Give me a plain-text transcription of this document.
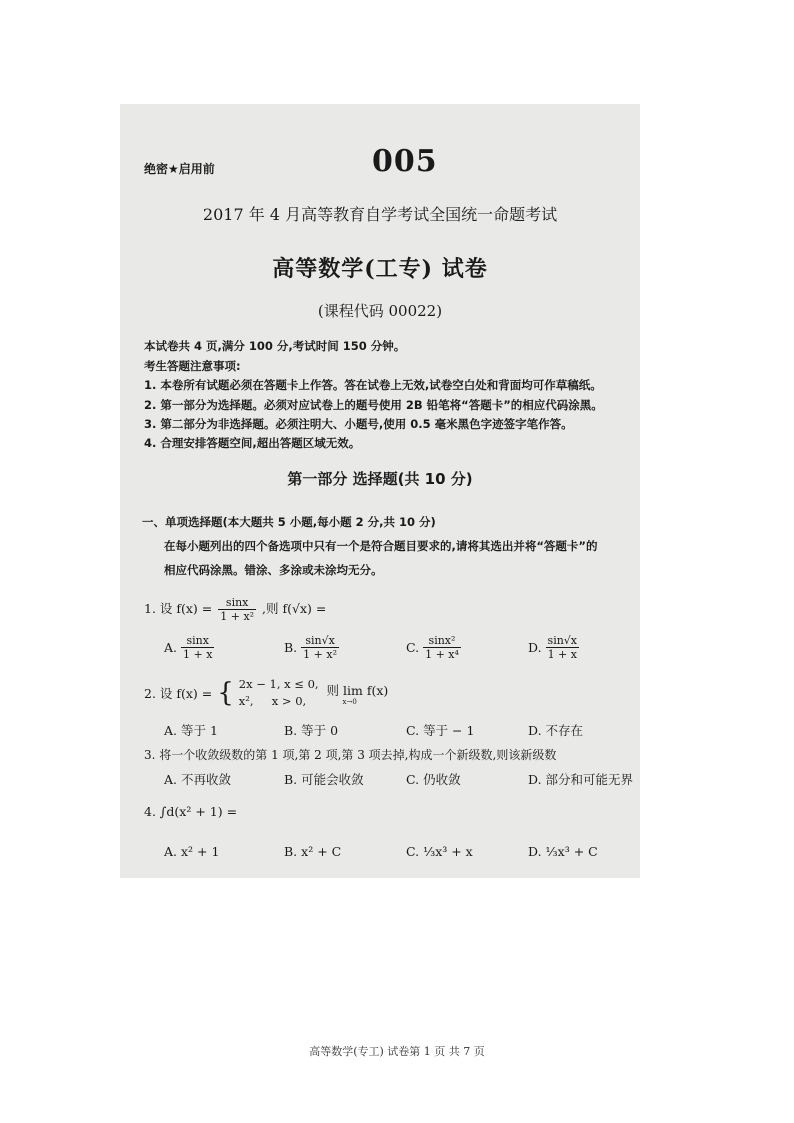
绝密★启用前	005
2017 年 4 月高等教育自学考试全国统一命题考试
高等数学(工专) 试卷
(课程代码 00022)
本试卷共 4 页,满分 100 分,考试时间 150 分钟。
考生答题注意事项:
1. 本卷所有试题必须在答题卡上作答。答在试卷上无效,试卷空白处和背面均可作草稿纸。
2. 第一部分为选择题。必须对应试卷上的题号使用 2B 铅笔将“答题卡”的相应代码涂黑。
3. 第二部分为非选择题。必须注明大、小题号,使用 0.5 毫米黑色字迹签字笔作答。
4. 合理安排答题空间,超出答题区域无效。
第一部分 选择题(共 10 分)
一、单项选择题(本大题共 5 小题,每小题 2 分,共 10 分)
在每小题列出的四个备选项中只有一个是符合题目要求的,请将其选出并将“答题卡”的
相应代码涂黑。错涂、多涂或未涂均无分。
1. 设 $f(x) = \frac{\sin x}{\text{1 + x²}}$ ,则 f(√x) =
A. $\frac{\sin x}{1 + x}$	B. $\frac{\sin√x}{\text{1 + x²}}$	C. $\frac{\text{sinx²}}{\text{1 + x⁴}}$	D. $\frac{\sin√x}{1 + x}$
2. 设 f(x) = { 2x − 1, x ≤ 0,
x²,     x > 0,

则 lim f(x)
x→0
A. 等于 1	B. 等于 0	C. 等于 − 1	D. 不存在
3. 将一个收敛级数的第 1 项,第 2 项,第 3 项去掉,构成一个新级数,则该新级数
A. 不再收敛	B. 可能会收敛	C. 仍收敛	D. 部分和可能无界
4. ∫d(x² + 1) =
A. x² + 1	B. x² + C	C. ⅓x³ + x	D. ⅓x³ + C
高等数学(专工) 试卷第 1 页 共 7 页
